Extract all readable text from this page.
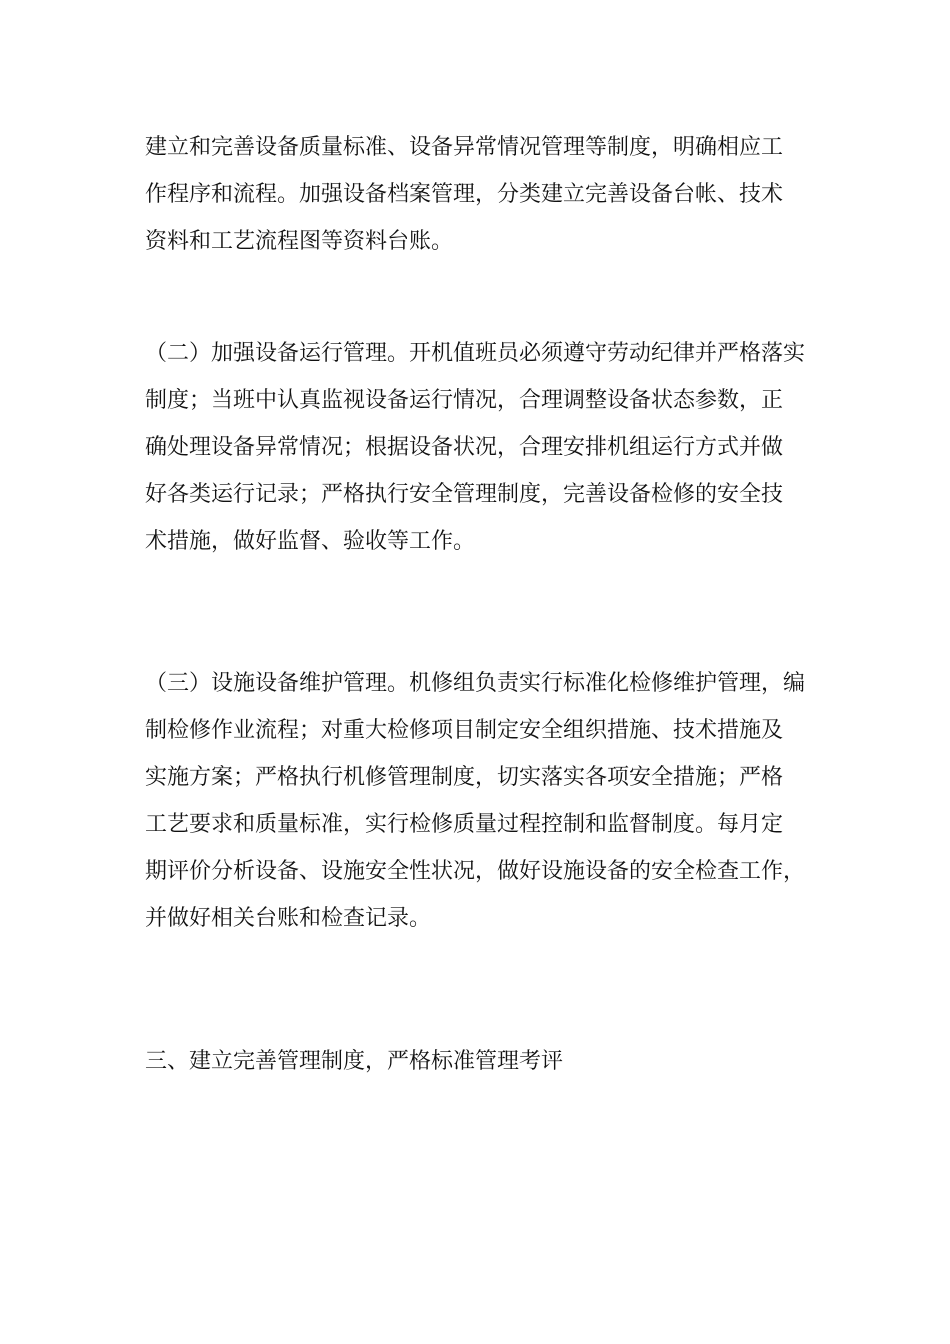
建立和完善设备质量标准、设备异常情况管理等制度，明确相应工
作程序和流程。加强设备档案管理，分类建立完善设备台帐、技术
资料和工艺流程图等资料台账。
（二）加强设备运行管理。开机值班员必须遵守劳动纪律并严格落实
制度；当班中认真监视设备运行情况，合理调整设备状态参数，正
确处理设备异常情况；根据设备状况，合理安排机组运行方式并做
好各类运行记录；严格执行安全管理制度，完善设备检修的安全技
术措施，做好监督、验收等工作。
（三）设施设备维护管理。机修组负责实行标准化检修维护管理，编
制检修作业流程；对重大检修项目制定安全组织措施、技术措施及
实施方案；严格执行机修管理制度，切实落实各项安全措施；严格
工艺要求和质量标准，实行检修质量过程控制和监督制度。每月定
期评价分析设备、设施安全性状况，做好设施设备的安全检查工作，
并做好相关台账和检查记录。
三、建立完善管理制度，严格标准管理考评
